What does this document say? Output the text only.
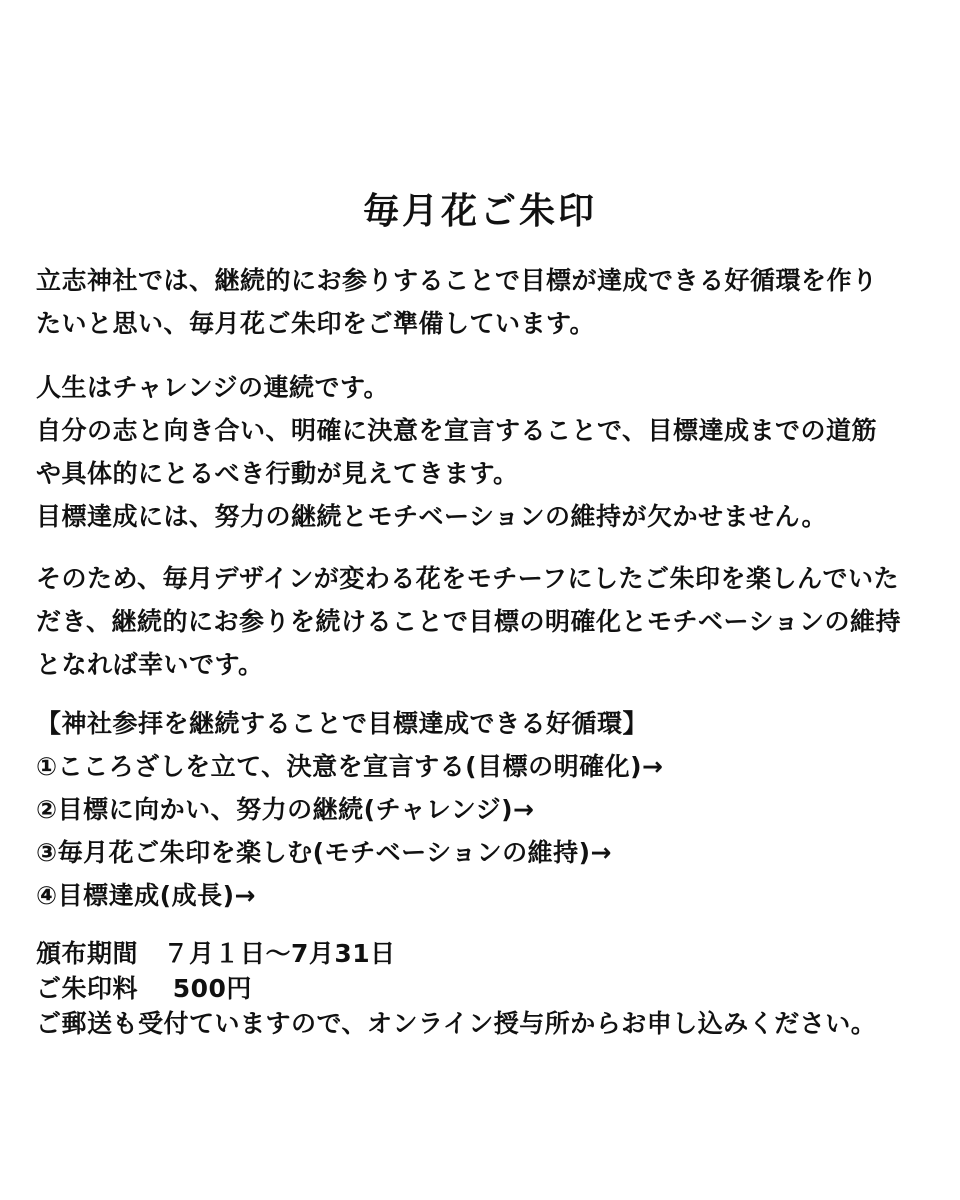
毎月花ご朱印
立志神社では、継続的にお参りすることで目標が達成できる好循環を作り
たいと思い、毎月花ご朱印をご準備しています。
人生はチャレンジの連続です。
自分の志と向き合い、明確に決意を宣言することで、目標達成までの道筋
や具体的にとるべき行動が見えてきます。
目標達成には、努力の継続とモチベーションの維持が欠かせません。
そのため、毎月デザインが変わる花をモチーフにしたご朱印を楽しんでいた
だき、継続的にお参りを続けることで目標の明確化とモチベーションの維持
となれば幸いです。
【神社参拝を継続することで目標達成できる好循環】
①こころざしを立て、決意を宣言する(目標の明確化)→
②目標に向かい、努力の継続(チャレンジ)→
③毎月花ご朱印を楽しむ(モチベーションの維持)→
④目標達成(成長)→
頒布期間　７月１日〜7月31日
ご朱印料　 500円
ご郵送も受付ていますので、オンライン授与所からお申し込みください。
